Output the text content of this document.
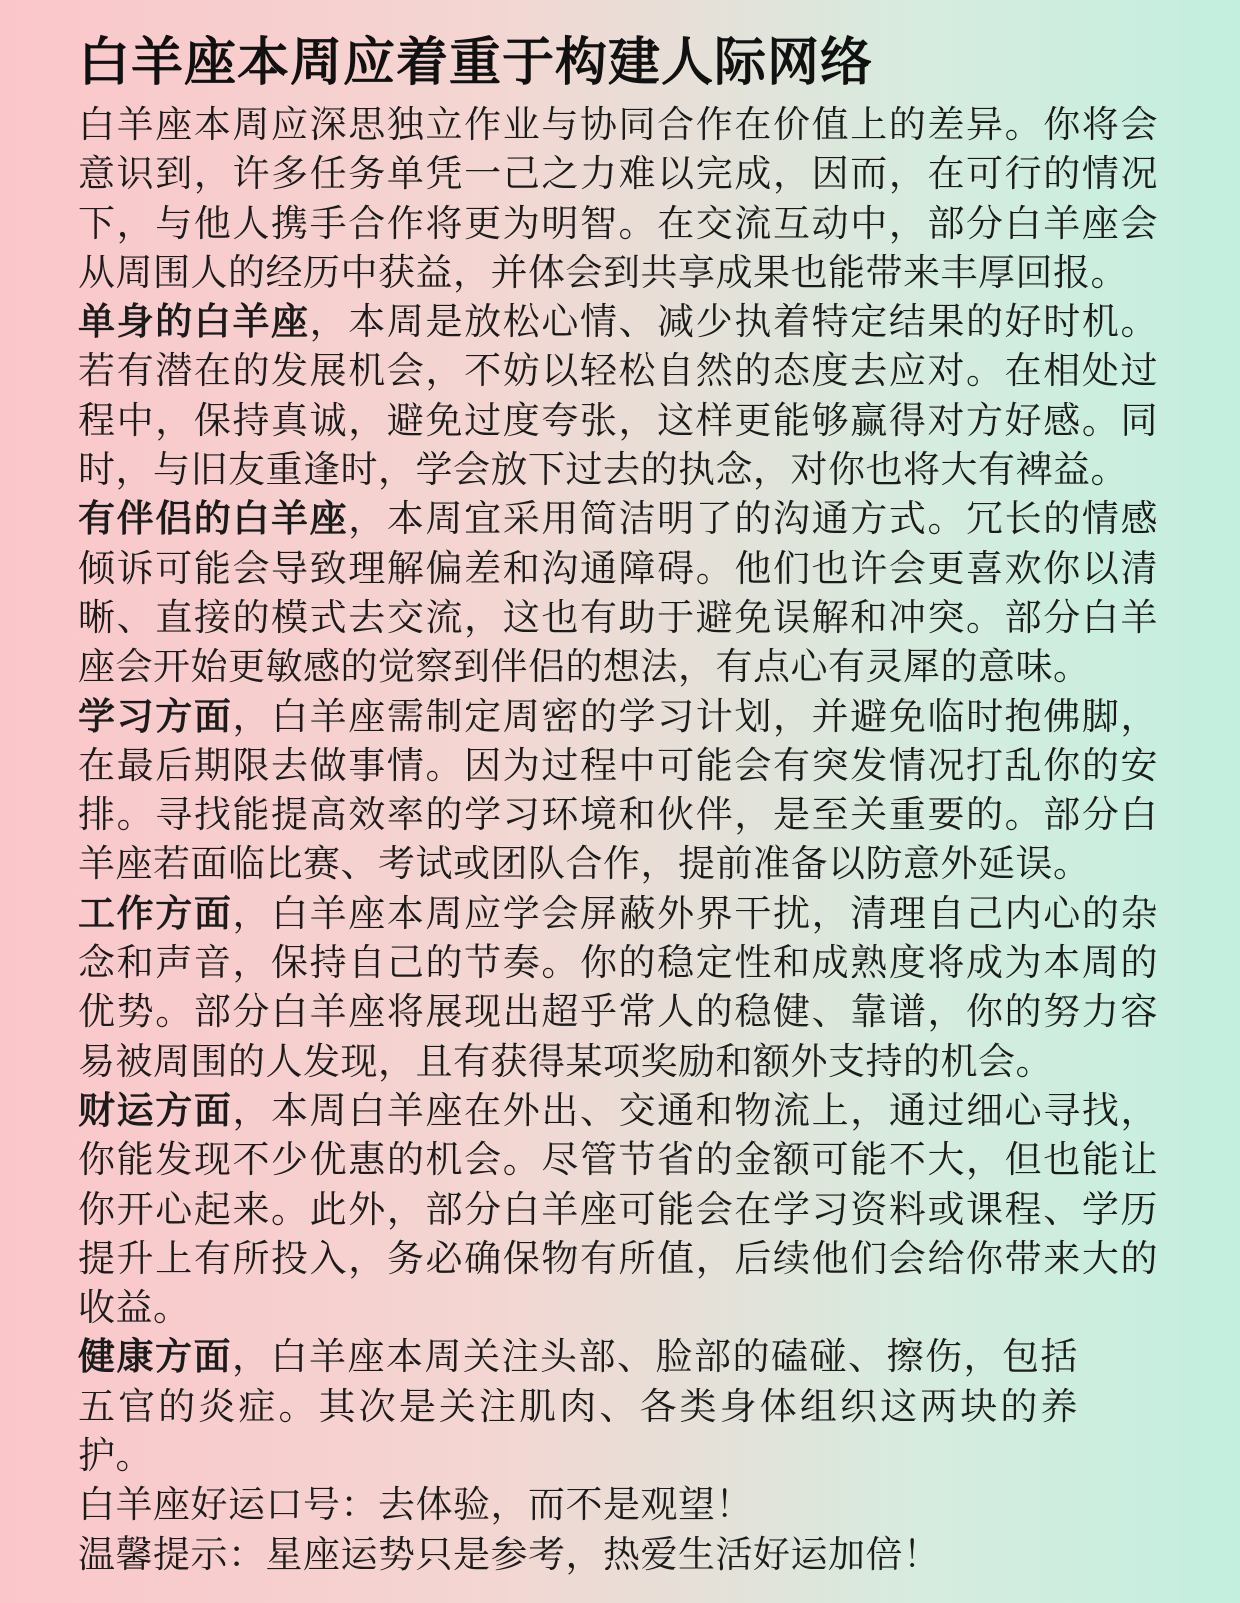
白羊座本周应着重于构建人际网络

白羊座本周应深思独立作业与协同合作在价值上的差异。你将会意识到，许多任务单凭一己之力难以完成，因而，在可行的情况下，与他人携手合作将更为明智。在交流互动中，部分白羊座会从周围人的经历中获益，并体会到共享成果也能带来丰厚回报。

单身的白羊座，本周是放松心情、减少执着特定结果的好时机。若有潜在的发展机会，不妨以轻松自然的态度去应对。在相处过程中，保持真诚，避免过度夸张，这样更能够赢得对方好感。同时，与旧友重逢时，学会放下过去的执念，对你也将大有裨益。

有伴侣的白羊座，本周宜采用简洁明了的沟通方式。冗长的情感倾诉可能会导致理解偏差和沟通障碍。他们也许会更喜欢你以清晰、直接的模式去交流，这也有助于避免误解和冲突。部分白羊座会开始更敏感的觉察到伴侣的想法，有点心有灵犀的意味。

学习方面，白羊座需制定周密的学习计划，并避免临时抱佛脚，在最后期限去做事情。因为过程中可能会有突发情况打乱你的安排。寻找能提高效率的学习环境和伙伴，是至关重要的。部分白羊座若面临比赛、考试或团队合作，提前准备以防意外延误。

工作方面，白羊座本周应学会屏蔽外界干扰，清理自己内心的杂念和声音，保持自己的节奏。你的稳定性和成熟度将成为本周的优势。部分白羊座将展现出超乎常人的稳健、靠谱，你的努力容易被周围的人发现，且有获得某项奖励和额外支持的机会。

财运方面，本周白羊座在外出、交通和物流上，通过细心寻找，你能发现不少优惠的机会。尽管节省的金额可能不大，但也能让你开心起来。此外，部分白羊座可能会在学习资料或课程、学历提升上有所投入，务必确保物有所值，后续他们会给你带来大的收益。

健康方面，白羊座本周关注头部、脸部的磕碰、擦伤，包括五官的炎症。其次是关注肌肉、各类身体组织这两块的养护。

白羊座好运口号：去体验，而不是观望！

温馨提示：星座运势只是参考，热爱生活好运加倍！
